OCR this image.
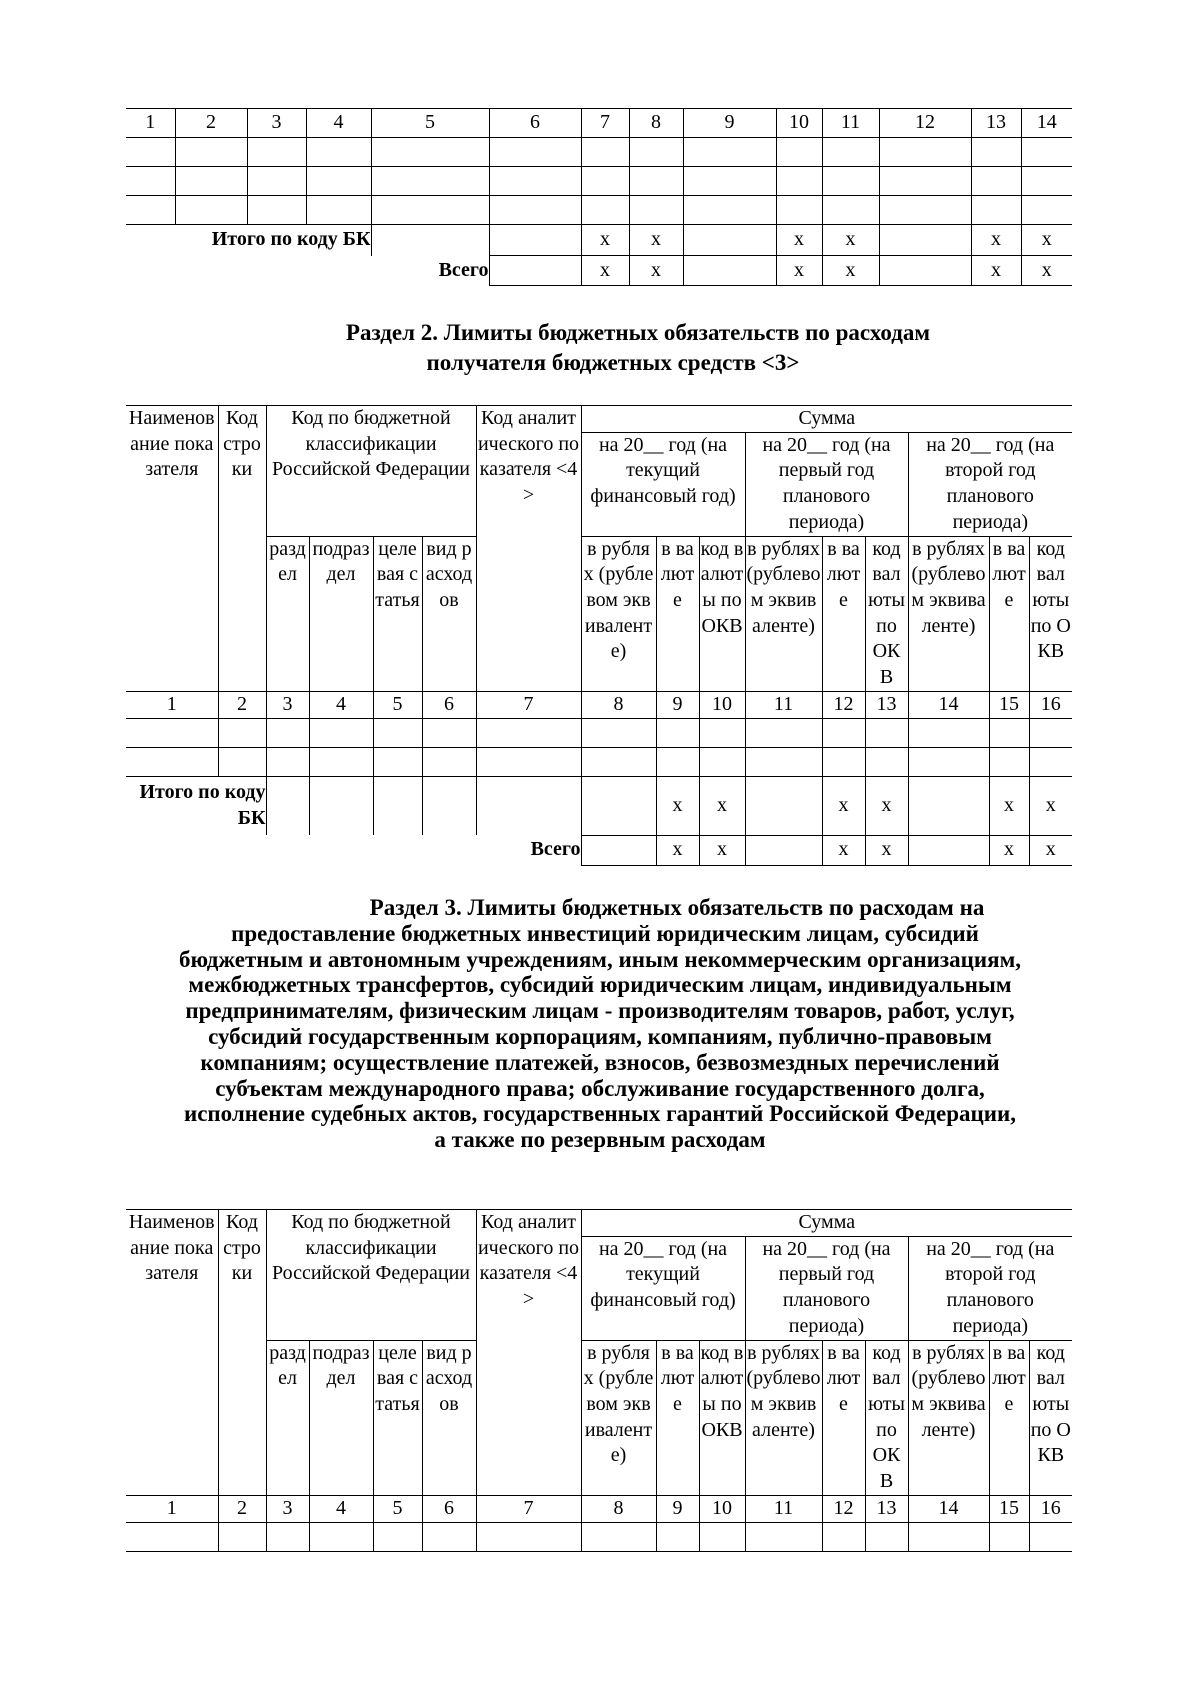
Раздел 2. Лимиты бюджетных обязательств по расходам
получателя бюджетных средств <3>
Раздел 3. Лимиты бюджетных обязательств по расходам на
предоставление бюджетных инвестиций юридическим лицам, субсидий
бюджетным и автономным учреждениям, иным некоммерческим организациям,
межбюджетных трансфертов, субсидий юридическим лицам, индивидуальным
предпринимателям, физическим лицам - производителям товаров, работ, услуг,
субсидий государственным корпорациям, компаниям, публично-правовым
компаниям; осуществление платежей, взносов, безвозмездных перечислений
субъектам международного права; обслуживание государственного долга,
исполнение судебных актов, государственных гарантий Российской Федерации,
а также по резервным расходам
1	2	3	4	5	6	7	8	9	10	11	12	13	14

Итого по коду БК						x	x		x	x		x	x
Всего						x	x		x	x		x	x
Наименование показателя	Код строки	Код по бюджетной классификации Российской Федерации				Код аналитического показателя <4>	Сумма								
							на 20__ год (на текущий финансовый год)			на 20__ год (на первый год планового периода)			на 20__ год (на второй год планового периода)		
		раздел	подраздел	целевая статья	вид расходов		в рублях (рублевом эквиваленте)	в валюте	код валюты по ОКВ	в рублях (рублевом эквиваленте)	в валюте	код валюты по ОКВ	в рублях (рублевом эквиваленте)	в валюте	код валюты по ОКВ
1	2	3	4	5	6	7	8	9	10	11	12	13	14	15	16

Итого по коду БК								x	x		x	x		x	x
Всего								x	x		x	x		x	x
Наименование показателя	Код строки	Код по бюджетной классификации Российской Федерации				Код аналитического показателя <4>	Сумма								
							на 20__ год (на текущий финансовый год)			на 20__ год (на первый год планового периода)			на 20__ год (на второй год планового периода)		
		раздел	подраздел	целевая статья	вид расходов		в рублях (рублевом эквиваленте)	в валюте	код валюты по ОКВ	в рублях (рублевом эквиваленте)	в валюте	код валюты по ОКВ	в рублях (рублевом эквиваленте)	в валюте	код валюты по ОКВ
1	2	3	4	5	6	7	8	9	10	11	12	13	14	15	16
